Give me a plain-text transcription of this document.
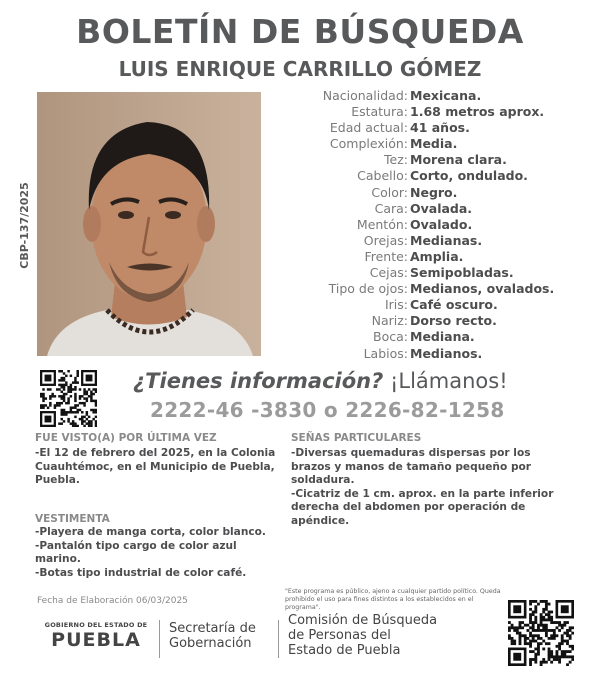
BOLETÍN DE BÚSQUEDA
LUIS ENRIQUE CARRILLO GÓMEZ
CBP-137/2025
Nacionalidad: Mexicana.
Estatura: 1.68 metros aprox.
Edad actual: 41 años.
Complexión: Media.
Tez: Morena clara.
Cabello: Corto, ondulado.
Color: Negro.
Cara: Ovalada.
Mentón: Ovalado.
Orejas: Medianas.
Frente: Amplia.
Cejas: Semipobladas.
Tipo de ojos: Medianos, ovalados.
Iris: Café oscuro.
Nariz: Dorso recto.
Boca: Mediana.
Labios: Medianos.
¿Tienes información? ¡Llámanos!
2222-46 -3830 o 2226-82-1258
FUE VISTO(A) POR ÚLTIMA VEZ
-El 12 de febrero del 2025, en la Colonia Cuauhtémoc, en el Municipio de Puebla, Puebla.
SEÑAS PARTICULARES

-Diversas quemaduras dispersas por los brazos y manos de tamaño pequeño por soldadura.

-Cicatriz de 1 cm. aprox. en la parte inferior derecha del abdomen por operación de apéndice.

VESTIMENTA

-Playera de manga corta, color blanco.

-Pantalón tipo cargo de color azul marino.

-Botas tipo industrial de color café.

Fecha de Elaboración 06/03/2025
"Este programa es público, ajeno a cualquier partido político. Queda prohibido el uso para fines distintos a los establecidos en el programa".
GOBIERNO DEL ESTADO DE
PUEBLA
Secretaría de
Gobernación
Comisión de Búsqueda
de Personas del
Estado de Puebla
